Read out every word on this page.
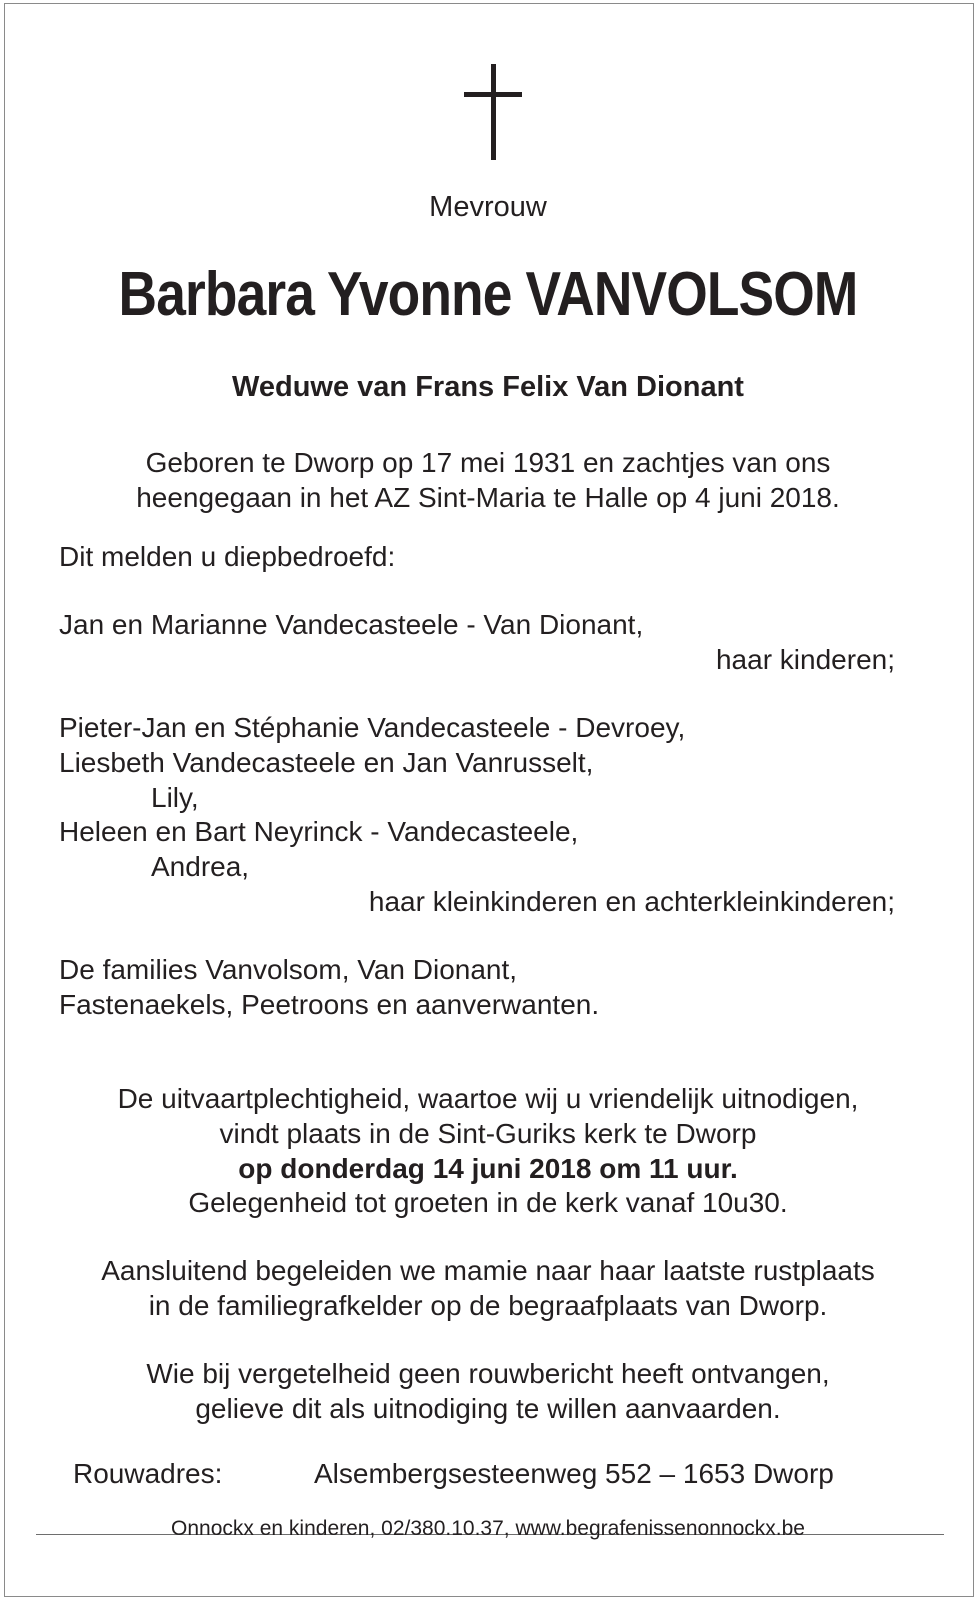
Mevrouw
Barbara Yvonne VANVOLSOM
Weduwe van Frans Felix Van Dionant
Geboren te Dworp op 17 mei 1931 en zachtjes van ons
heengegaan in het AZ Sint-Maria te Halle op 4 juni 2018.
Dit melden u diepbedroefd:
Jan en Marianne Vandecasteele - Van Dionant,
haar kinderen;
Pieter-Jan en Stéphanie Vandecasteele - Devroey,
Liesbeth Vandecasteele en Jan Vanrusselt,
Lily,
Heleen en Bart Neyrinck - Vandecasteele,
Andrea,
haar kleinkinderen en achterkleinkinderen;
De families Vanvolsom, Van Dionant,
Fastenaekels, Peetroons en aanverwanten.
De uitvaartplechtigheid, waartoe wij u vriendelijk uitnodigen,
vindt plaats in de Sint-Guriks kerk te Dworp
op donderdag 14 juni 2018 om 11 uur.
Gelegenheid tot groeten in de kerk vanaf 10u30.
Aansluitend begeleiden we mamie naar haar laatste rustplaats
in de familiegrafkelder op de begraafplaats van Dworp.
Wie bij vergetelheid geen rouwbericht heeft ontvangen,
gelieve dit als uitnodiging te willen aanvaarden.
Rouwadres:	Alsembergsesteenweg 552 – 1653 Dworp
Onnockx en kinderen, 02/380.10.37, www.begrafenissenonnockx.be
